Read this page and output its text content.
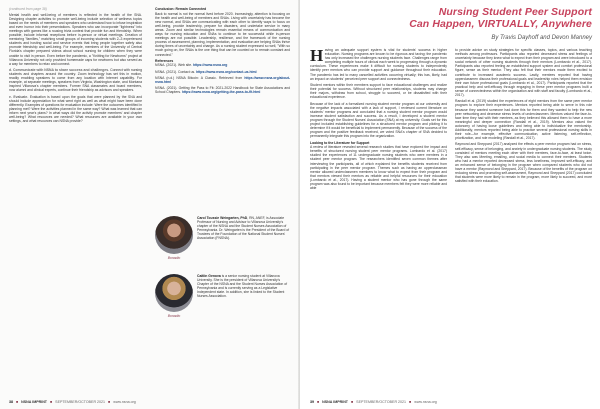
(continued from page 38)

Mental health and well-being of members is reflected in the health of the SNA. Designing chapter activities to promote well-being include selection of wellness topics based on the needs of members and speakers who understand how to infuse inspiration and even humor into their presentations. Speakers who can incorporate "lightness" into meetings with games like a rousing trivia contest that provide fun and friendship. When possible, include informal receptions before in-person or virtual meetings. Creation of mentoring "families," matching small groups of incoming students with 2–3 experienced students and hosting social and service events that bring people together safely also promote friendship and well-being. For example, members of the University of Central Florida's chapter prepared videos about school nursing for children when they were unable to visit in person. Even before the pandemic, a "Knitting for Newborns" project at Villanova University not only provided homemade caps for newborns but also served as a way for members to relax and connect.

d. Communicate with NSNA to share success and challenges. Connect with nursing students and chapters around the country. Zoom technology has set this in motion, readily enabling speakers to come from any location with Internet capability. For example, at separate meetings, speakers from Virginia, Washington state, and Montana inspired Villanova's chapter members. Former SNA classmates and board members, now alumni and clinical experts, continue their friendship as advisors and speakers.

e. Evaluate. Evaluation is based upon the goals that were planned by the SNA and should include appreciation for what went right as well as what might have been done differently. Examples of questions for evaluation include: Were the outcomes identified in planning met? Were the activities planned in the same way? What was learned that can inform next year's plans? In what ways did the activity promote members' and chapter well-being? What resources are needed? What resources are available in your own settings, and what resources can NSNA provide?

Conclusion: Remain Connected

Back to normal is not the normal lived before 2020. Increasingly, attention is focusing on the health and well-being of members and SNAs. Living with uncertainty has become the new normal, and SNAs are communicating with each other to identify ways to focus on well-being, provide leadership, prepare for disasters, and undertake service in many areas. Zoom and similar technologies remain essential means of communication and ways for nursing education and SNAs to continue to be successful while in-person meetings are not possible. Leadership, resilience, and the framework of the nursing process of assessment, planning, implementation, and evaluation are helping SNAs thrive during times of uncertainty and change. As a nursing student expressed so well, "With so much going on, the SNAs is the one thing that can be counted on to remain constant and connected."

References

NSNA. (2021). Web site. https://www.nsna.org

NSNA. (2021). Contact us. https://www.nsna.org/contact-us.html

NSNA (n.d.) NSNA Bitcoin: A Classic. Retrieved from https://www.nsna.org/about-nsna.html

NSNA. (2021). Getting the Pass to Fit: 2021-2022 Handbook for State Associations and School Chapters. https://www.nsna.org/getting-the-pass-to-fit.html

Bonadio
Carol Toussie Weingarten, PhD, RN, ANEF, is Associate Professor of Nursing and Advisor to Villanova University's chapter of the NSNA and the Student Nurses Association of Pennsylvania. Dr. Weingarten is the President of the Board of Trustees of the Foundation of the National Student Nurses' Association (FNSNA).
Bonadio
Caitlin Genova is a senior nursing student at Villanova University. She is the president of Villanova University's Chapter of the NSNA and the Student Nurses Association of Pennsylvania and is currently serving as a Legislative Independent state. In addition, she is linked to the Student Nurses Association.
38 ■ NSNA IMPRINT ■ SEPTEMBER/OCTOBER 2021 ■ www.nsna.org
Nursing Student Peer Support
Can Happen, VIRTUALLY, Anywhere
By Travis Dayhoff and Devon Manney

Having an adequate support system is vital for students' success in higher education. Nursing programs are known to be rigorous and taxing; the pandemic has only increased the challenges nursing students face. Challenges range from completing multiple hours of clinical each week to progressing through a dynamic curriculum. These experiences make it difficult for nursing students to independently identify peer mentors who can provide support and guidance throughout their education. The pandemic has led to many cancelled activities occurring virtually; this has, likely, had an impact on students' perceived peer support and connectedness.

Student mentors within their members support to face educational challenges and realize their potential for success. Without structured peer relationships, students may change their majors, withdraw from school, struggle to succeed, or be dissatisfied with their educational experience.

Because of the lack of a formalized nursing student mentor program at our university and the negative impacts associated with a lack of support, I reviewed current literature on students' mentor programs and concluded that a nursing student mentor program would increase student satisfaction and success. As a result, I developed a student mentor program through the Student Nurses' Association (SNA) at my university. Goals set for this project included establishing guidelines for a structured mentor program and piloting it to determine if it would be beneficial to implement permanently. Because of the success of the program and the positive feedback received, we voted SNA's chapter of SNA decided to permanently integrate this program into the organization.

Looking to the Literature for Support

A review of literature revealed several research studies that have explored the impact and benefits of structured nursing student peer mentor programs. Lombardo et al. (2017) studied the experiences of 11 undergraduate nursing students who were mentees in a student peer mentor program. The researchers identified seven common themes after interviewing the participants, all of which explained the benefits students received from participating in the peer mentor program. Themes such as having an upperclassman mentor allowed underclassmen members to know what to expect from their program and that mentors viewed their mentors as reliable and helpful resources for their education (Lombardo et al., 2017). Having a student mentor who has gone through the same program was also found to be important because members felt they were more reliable and able

to provide advice on study strategies for specific classes, topics, and various teaching methods among professors. Participants also reported decreased stress and feelings of uncertainty because they knew what to expect from their program and were introduced to a social network of other nursing students through their mentors (Lombardo et al., 2017). Participants also reported feeling an established support system and comfort professional figure, sense as their mentor. They also felt that their mentors made them excited to contribute to increased academic success. Lastly, mentees reported that having upperclassmen discuss their professional goals and leadership roles helped them envision their own future professional goals (Lombardo et al., 2017). Participants reported that the practical help and self-efficacy through engaging in these peer mentor programs built a sense of connectedness within the organization and with staff and faculty (Lombardo et al., 2017).

Randall et al. (2019) studied the experiences of eight mentors from the same peer mentor program to explore their experiences. Mentors reported being able to serve in this role because they wanted someone had done this for them and they wanted to help the new peer networking and decrease stress levels of underclassmen. Mentors valued the face-to-face time they had with their mentees, as they believed this allowed them to have a more meaningful and deeper connection (Randall et al., 2019). Mentors also valued the autonomy of having loose guidelines and being able to individualize the mentorship. Additionally, mentors reported being able to practice several professional nursing skills in their role—for example, effective communication, active listening, self-reflection, prioritization, and role modeling (Randall et al., 2017).

Raymond and Sheppard (2017) analyzed the effects a peer mentor program had on stress, self-efficacy, sense of belonging, and anxiety in undergraduate nursing students. The study consisted of mentors meeting each other with their mentees, face-to-face, at least twice. They also was Meeting, emailing, and social media to connect their mentees. Students who had a mentor reported decreased stress, less loneliness, improved self-efficacy, and an enhanced sense of belonging in the program when compared students who did not have a mentor (Raymond and Sheppard, 2017). Because of the benefits of the program on reducing stress and promoting self-assessment, Raymond and Sheppard (2017) concluded that students were more likely to remain in the program, more likely to succeed, and more satisfied with their education.

39 ■ NSNA IMPRINT ■ SEPTEMBER/OCTOBER 2021 ■ www.nsna.org
